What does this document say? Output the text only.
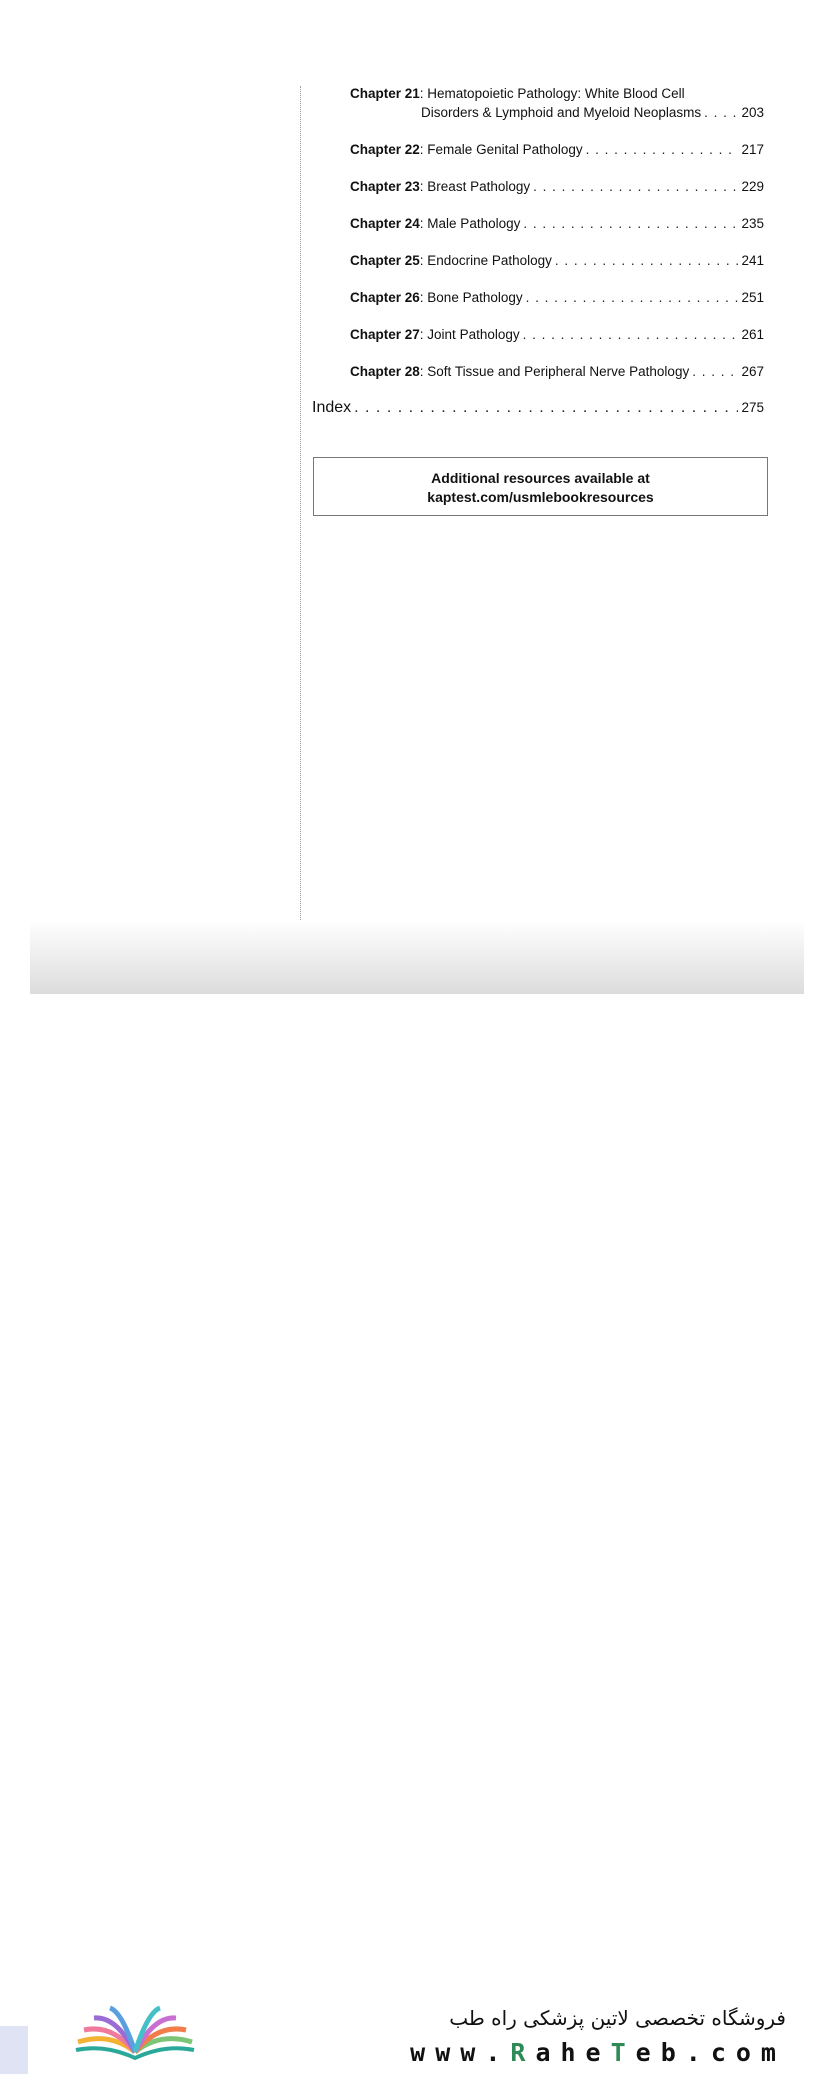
Chapter 21 : Hematopoietic Pathology: White Blood Cell
Disorders & Lymphoid and Myeloid Neoplasms . . .	203
Chapter 22 : Female Genital Pathology . . .	217
Chapter 23 : Breast Pathology . . .	229
Chapter 24 : Male Pathology . . .	235
Chapter 25 : Endocrine Pathology . . .	241
Chapter 26 : Bone Pathology . . .	251
Chapter 27 : Joint Pathology . . .	261
Chapter 28 : Soft Tissue and Peripheral Nerve Pathology . . .	267
Index . . .	275
Additional resources available at
kaptest.com/usmlebookresources
فروشگاه تخصصی لاتین پزشکی راه طب
www.RaheTeb.com
